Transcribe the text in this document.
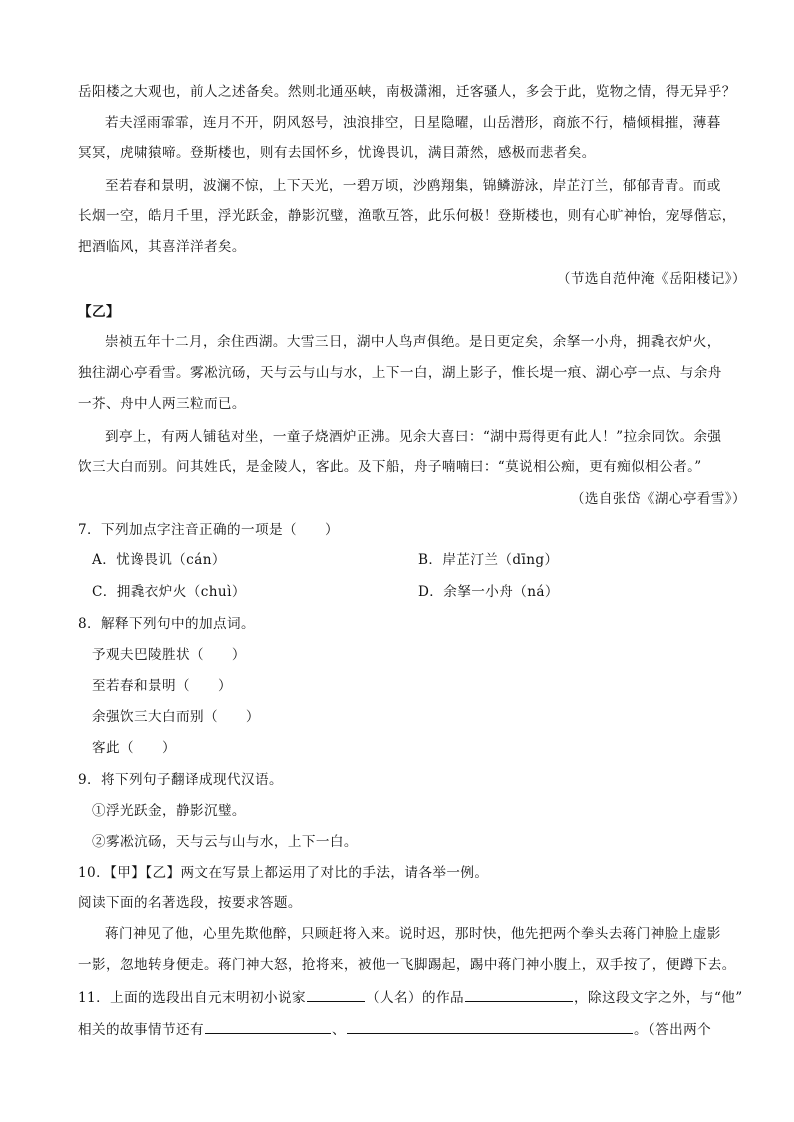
岳阳楼之大观也，前人之述备矣。然则北通巫峡，南极潇湘，迁客骚人，多会于此，览物之情，得无异乎？
若夫淫雨霏霏，连月不开，阴风怒号，浊浪排空，日星隐曜，山岳潜形，商旅不行，樯倾楫摧，薄暮
冥冥，虎啸猿啼。登斯楼也，则有去国怀乡，忧谗畏讥，满目萧然，感极而悲者矣。
至若春和景明，波澜不惊，上下天光，一碧万顷，沙鸥翔集，锦鳞游泳，岸芷汀兰，郁郁青青。而或
长烟一空，皓月千里，浮光跃金，静影沉璧，渔歌互答，此乐何极！登斯楼也，则有心旷神怡，宠辱偕忘，
把酒临风，其喜洋洋者矣。
（节选自范仲淹《岳阳楼记》）
【乙】
崇祯五年十二月，余住西湖。大雪三日，湖中人鸟声俱绝。是日更定矣，余拏一小舟，拥毳衣炉火，
独往湖心亭看雪。雾凇沆砀，天与云与山与水，上下一白，湖上影子，惟长堤一痕、湖心亭一点、与余舟
一芥、舟中人两三粒而已。
到亭上，有两人铺毡对坐，一童子烧酒炉正沸。见余大喜曰：“湖中焉得更有此人！”拉余同饮。余强
饮三大白而别。问其姓氏，是金陵人，客此。及下船，舟子喃喃曰：“莫说相公痴，更有痴似相公者。”
（选自张岱《湖心亭看雪》）
7．下列加点字注音正确的一项是（　　）
A．忧谗畏讥（cán）	B．岸芷汀兰（dīng）
C．拥毳衣炉火（chuì）	D．余拏一小舟（ná）
8．解释下列句中的加点词。
予观夫巴陵胜状（　　）
至若春和景明（　　）
余强饮三大白而别（　　）
客此（　　）
9．将下列句子翻译成现代汉语。
①浮光跃金，静影沉璧。
②雾凇沆砀，天与云与山与水，上下一白。
10．【甲】【乙】两文在写景上都运用了对比的手法，请各举一例。
阅读下面的名著选段，按要求答题。
蒋门神见了他，心里先欺他醉，只顾赶将入来。说时迟，那时快，他先把两个拳头去蒋门神脸上虚影
一影，忽地转身便走。蒋门神大怒，抢将来，被他一飞脚踢起，踢中蒋门神小腹上，双手按了，便蹲下去。
11．上面的选段出自元末明初小说家	（人名）的作品	，除这段文字之外，与“他”
相关的故事情节还有	、	。（答出两个
